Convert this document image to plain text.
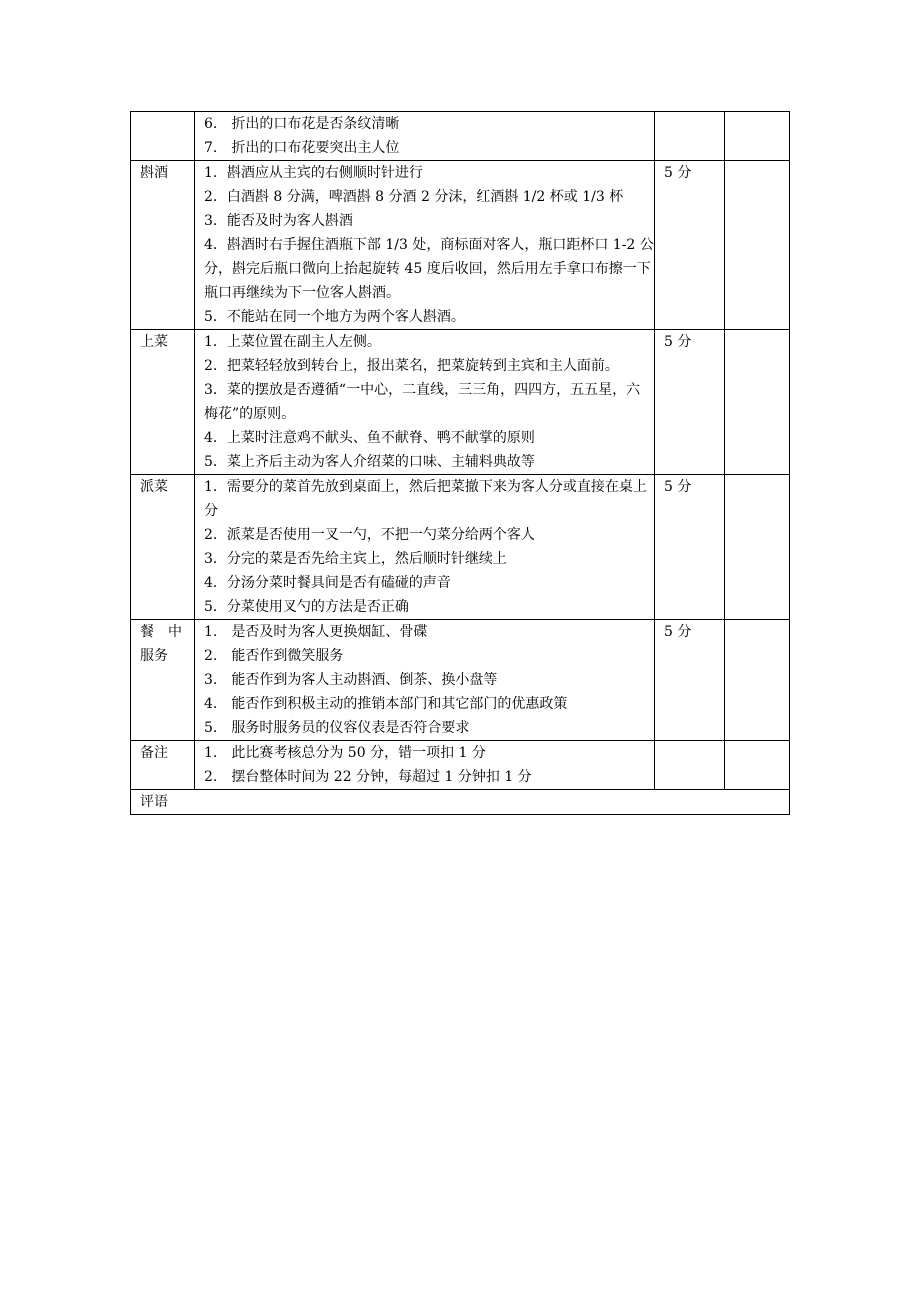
	6.　折出的口布花是否条纹清晰
7.　折出的口布花要突出主人位		

斟酒	1．斟酒应从主宾的右侧顺时针进行
2．白酒斟 8 分满，啤酒斟 8 分酒 2 分沫，红酒斟 1/2 杯或 1/3 杯
3．能否及时为客人斟酒
4．斟酒时右手握住酒瓶下部 1/3 处，商标面对客人，瓶口距杯口 1-2 公分，斟完后瓶口微向上抬起旋转 45 度后收回，然后用左手拿口布擦一下瓶口再继续为下一位客人斟酒。
5．不能站在同一个地方为两个客人斟酒。	5 分	

上菜	1．上菜位置在副主人左侧。
2．把菜轻轻放到转台上，报出菜名，把菜旋转到主宾和主人面前。
3．菜的摆放是否遵循“一中心，二直线，三三角，四四方，五五星，六梅花”的原则。
4．上菜时注意鸡不献头、鱼不献脊、鸭不献掌的原则
5．菜上齐后主动为客人介绍菜的口味、主辅料典故等	5 分	

派菜	1．需要分的菜首先放到桌面上，然后把菜撤下来为客人分或直接在桌上分
2．派菜是否使用一叉一勺，不把一勺菜分给两个客人
3．分完的菜是否先给主宾上，然后顺时针继续上
4．分汤分菜时餐具间是否有磕碰的声音
5．分菜使用叉勺的方法是否正确	5 分	

餐　中
服务	1.　是否及时为客人更换烟缸、骨碟
2.　能否作到微笑服务
3.　能否作到为客人主动斟酒、倒茶、换小盘等
4.　能否作到积极主动的推销本部门和其它部门的优惠政策
5.　服务时服务员的仪容仪表是否符合要求	5 分	

备注	1.　此比赛考核总分为 50 分，错一项扣 1 分
2.　摆台整体时间为 22 分钟，每超过 1 分钟扣 1 分		

评语			
